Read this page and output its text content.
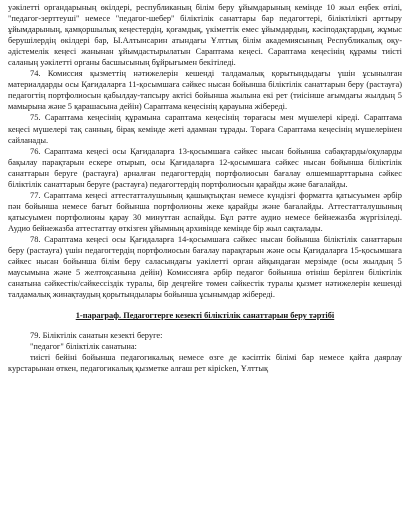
уәкілетті органдарының өкілдері, республиканың білім беру ұйымдарының кемінде 10 жыл еңбек өтілі, "педагог-зерттеуші" немесе "педагог-шебер" біліктілік санаттары бар педагогтері, біліктілікті арттыру ұйымдарының, қамқоршылық кеңестердің, қоғамдық, үкіметтік емес ұйымдардың, кәсіподақтардың, жұмыс берушілердің өкілдері бар, Ы.Алтынсарин атындағы Ұлттық білім академиясының Республикалық оқу-әдістемелік кеңесі жанынан ұйымдастырылатын Сараптама кеңесі. Сараптама кеңесінің құрамы тиісті саланың уәкілетті органы басшысының бұйрығымен бекітіледі.

74. Комиссия қызметтің нәтижелерін кешенді талдамалық қорытындыдағы үшін ұсынылған материалдарды осы Қағидаларға 11-қосымшаға сәйкес нысан бойынша біліктілік санаттарын беру (растауға) педагогтің портфолиосын қабылдау-тапсыру актісі бойынша жылына екі рет (тиісінше ағымдағы жылдың 5 мамырына және 5 қарашасына дейін) Сараптама кеңесінің қарауына жібереді.

75. Сараптама кеңесінің құрамына сараптама кеңесінің төрағасы мен мүшелері кіреді. Сараптама кеңесі мүшелері тақ санның, бірақ кемінде жеті адамнан тұрады. Төраға Сараптама кеңесінің мүшелерінен сайланады.

76. Сараптама кеңесі осы Қағидаларға 13-қосымшаға сәйкес нысан бойынша сабақтарды/оқуларды бақылау парақтарын ескере отырып, осы Қағидаларға 12-қосымшаға сәйкес нысан бойынша біліктілік санаттарын беруге (растауға) арналған педагогтердің портфолиосын бағалау өлшемшарттарына сәйкес біліктілік санаттарын беруге (растауға) педагогтердің портфолиосын қарайды және бағалайды.

77. Сараптама кеңесі аттестатталушының қашықтықтан немесе күндізгі форматта қатысуымен әрбір пән бойынша немесе бағыт бойынша портфолионы жеке қарайды және бағалайды. Аттестатталушының қатысуымен портфолионы қарау 30 минуттан аспайды. Бұл рәтте аудио немесе бейнежазба жүргізіледі. Аудио бейнежазба аттестаттау өткізген ұйымның архивінде кемінде бір жыл сақталады.

78. Сараптама кеңесі осы Қағидаларға 14-қосымшаға сәйкес нысан бойынша біліктілік санаттарын беру (растауға) үшін педагогтердің портфолиосын бағалау парақтарын және осы Қағидаларға 15-қосымшаға сәйкес нысан бойынша білім беру саласындағы уәкілетті орган айқындаған мерзімде (осы жылдың 5 маусымына және 5 желтоқсанына дейін) Комиссияға әрбір педагог бойынша өтініш берілген біліктілік санатына сәйкестік/сәйкессіздік туралы, бір деңгейге төмен сәйкестік туралы қызмет нәтижелерін кешенді талдамалық жинақтаудың қорытындылары бойынша ұсынымдар жібереді.

1-параграф. Педагогтерге кезекті біліктілік санаттарын беру тәртібі

79. Біліктілік санатын кезекті беруге:

"педагог" біліктілік санатына:

тиісті бейіні бойынша педагогикалық немесе өзге де кәсіптік білімі бар немесе қайта даярлау курстарынан өткен, педагогикалық қызметке алғаш рет кірісken, Ұлттық
